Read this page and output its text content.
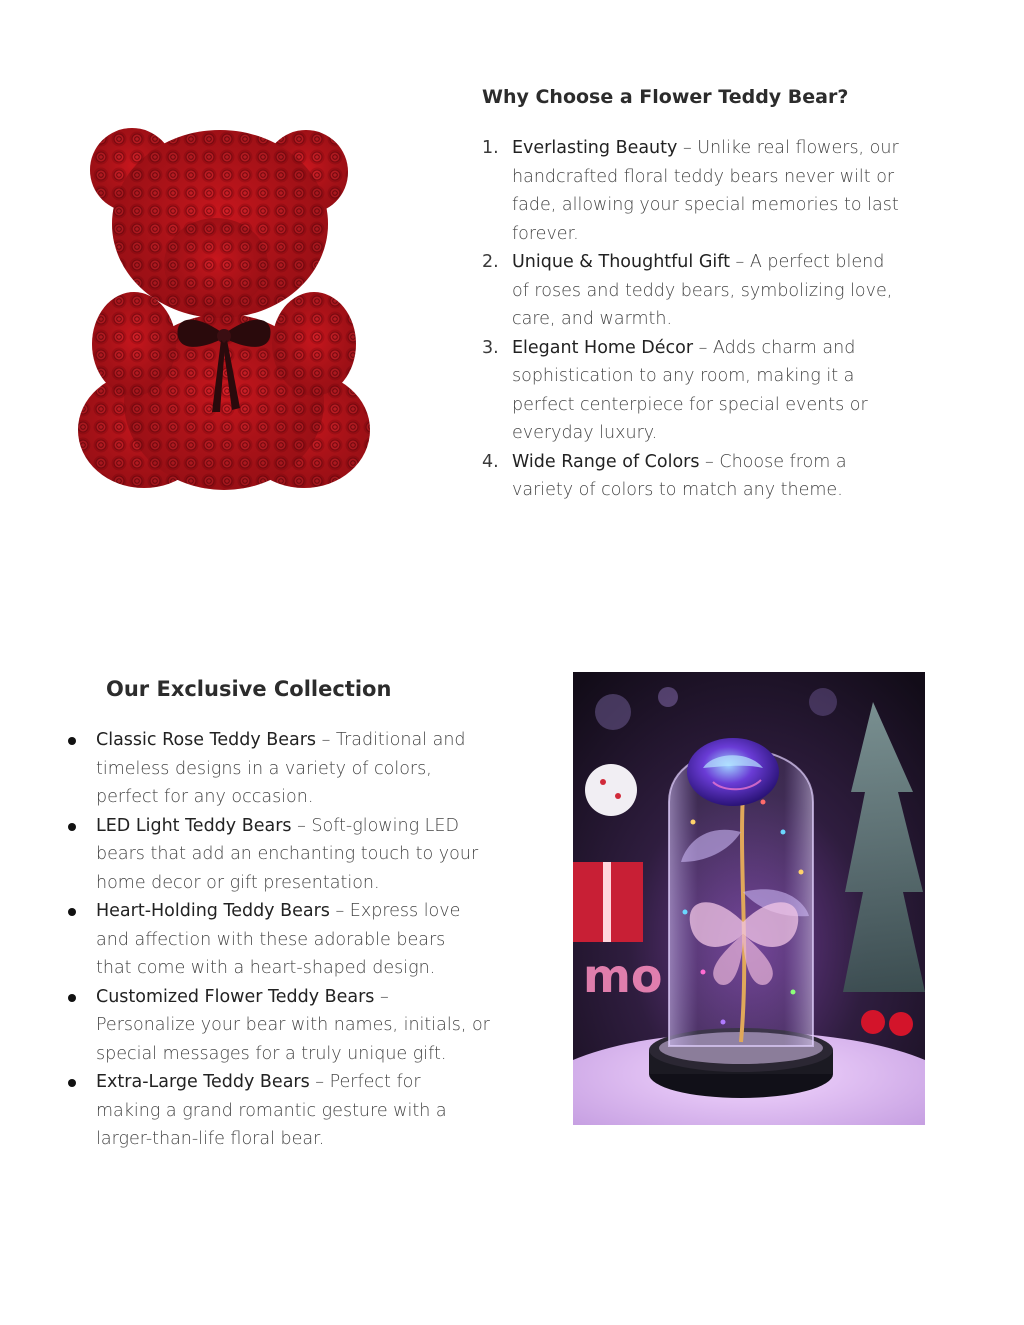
Why Choose a Flower Teddy Bear?
1. Everlasting Beauty – Unlike real flowers, our
handcrafted floral teddy bears never wilt or
fade, allowing your special memories to last
forever.
2. Unique & Thoughtful Gift – A perfect blend
of roses and teddy bears, symbolizing love,
care, and warmth.
3. Elegant Home Décor – Adds charm and
sophistication to any room, making it a
perfect centerpiece for special events or
everyday luxury.
4. Wide Range of Colors – Choose from a
variety of colors to match any theme.
Our Exclusive Collection
Classic Rose Teddy Bears – Traditional and
timeless designs in a variety of colors,
perfect for any occasion.
LED Light Teddy Bears – Soft-glowing LED
bears that add an enchanting touch to your
home decor or gift presentation.
Heart-Holding Teddy Bears – Express love
and affection with these adorable bears
that come with a heart-shaped design.
Customized Flower Teddy Bears –
Personalize your bear with names, initials, or
special messages for a truly unique gift.
Extra-Large Teddy Bears – Perfect for
making a grand romantic gesture with a
larger-than-life floral bear.
mo
